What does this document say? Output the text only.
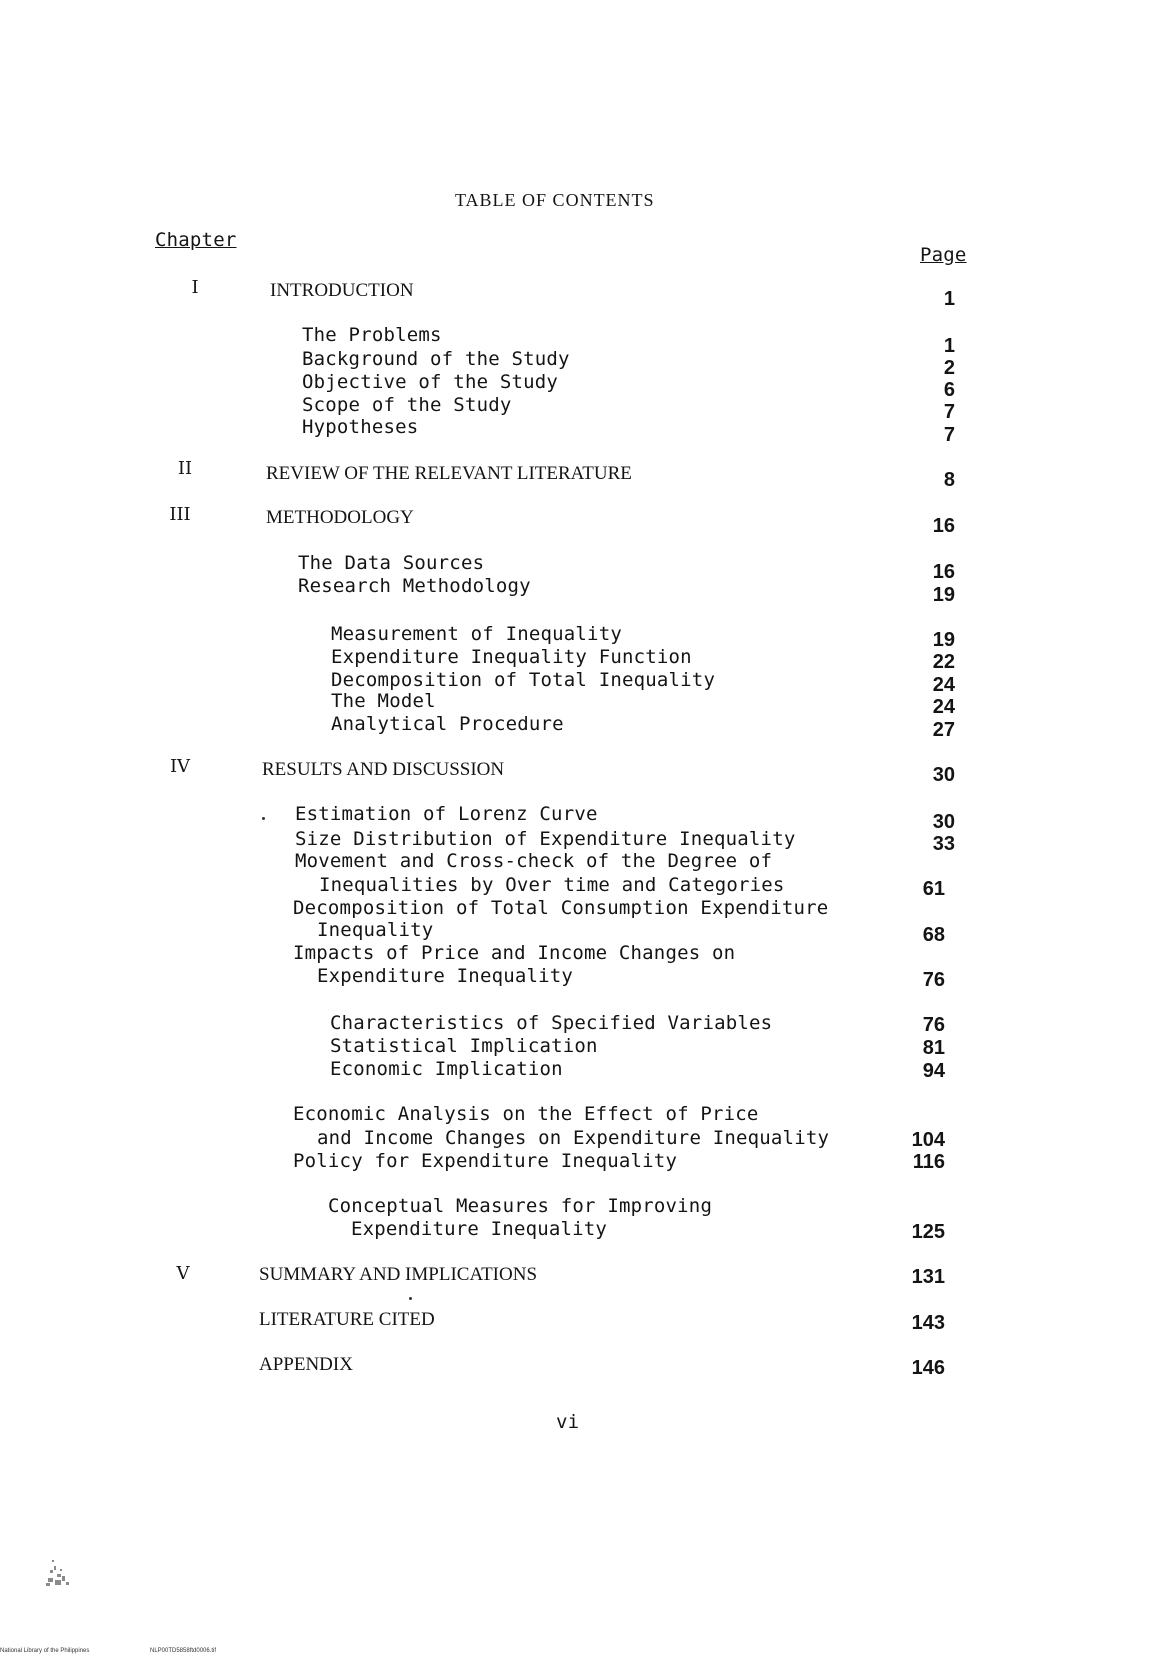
TABLE OF CONTENTS
Chapter
Page
I	INTRODUCTION	1
The Problems	1
Background of the Study	2
Objective of the Study	6
Scope of the Study	7
Hypotheses	7
II	REVIEW OF THE RELEVANT LITERATURE	8
III	METHODOLOGY	16
The Data Sources	16
Research Methodology	19
Measurement of Inequality	19
Expenditure Inequality Function	22
Decomposition of Total Inequality	24
The Model	24
Analytical Procedure	27
IV	RESULTS AND DISCUSSION	30
Estimation of Lorenz Curve	30
Size Distribution of Expenditure Inequality	33
Movement and Cross-check of the Degree of
Inequalities by Over time and Categories	61
Decomposition of Total Consumption Expenditure
Inequality	68
Impacts of Price and Income Changes on
Expenditure Inequality	76
Characteristics of Specified Variables	76
Statistical Implication	81
Economic Implication	94
Economic Analysis on the Effect of Price
and Income Changes on Expenditure Inequality	104
Policy for Expenditure Inequality	116
Conceptual Measures for Improving
Expenditure Inequality	125
V	SUMMARY AND IMPLICATIONS	131
LITERATURE CITED	143
APPENDIX	146
vi
National Library of the Philippines	NLP00TD5858ftd0006.tif
